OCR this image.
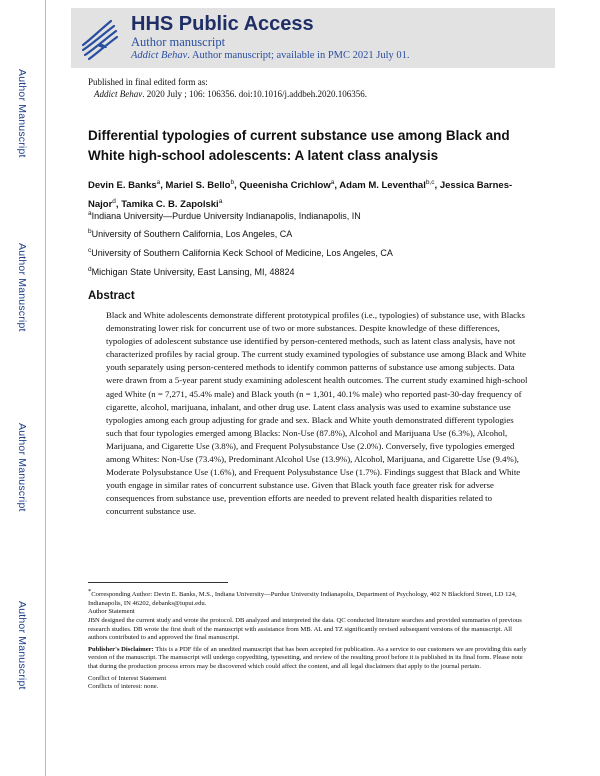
Author Manuscript
Author Manuscript
Author Manuscript
Author Manuscript
HHS Public Access
Author manuscript
Addict Behav. Author manuscript; available in PMC 2021 July 01.
Published in final edited form as:
Addict Behav. 2020 July ; 106: 106356. doi:10.1016/j.addbeh.2020.106356.
Differential typologies of current substance use among Black and White high-school adolescents: A latent class analysis
Devin E. Banks$^a$, Mariel S. Bello$^b$, Queenisha Crichlow$^a$, Adam M. Leventhal$^{b,c}$, Jessica Barnes-Najor$^d$, Tamika C. B. Zapolski$^a$
$^a$Indiana University—Purdue University Indianapolis, Indianapolis, IN
$^b$University of Southern California, Los Angeles, CA
$^c$University of Southern California Keck School of Medicine, Los Angeles, CA
$^d$Michigan State University, East Lansing, MI, 48824
Abstract
Black and White adolescents demonstrate different prototypical profiles (i.e., typologies) of substance use, with Blacks demonstrating lower risk for concurrent use of two or more substances. Despite knowledge of these differences, typologies of adolescent substance use identified by person-centered methods, such as latent class analysis, have not characterized profiles by racial group. The current study examined typologies of substance use among Black and White youth separately using person-centered methods to identify common patterns of substance use among subjects. Data were drawn from a 5-year parent study examining adolescent health outcomes. The current study examined high-school aged White (n = 7,271, 45.4% male) and Black youth (n = 1,301, 40.1% male) who reported past-30-day frequency of cigarette, alcohol, marijuana, inhalant, and other drug use. Latent class analysis was used to examine substance use typologies among each group adjusting for grade and sex. Black and White youth demonstrated different typologies such that four typologies emerged among Blacks: Non-Use (87.8%), Alcohol and Marijuana Use (6.3%), Alcohol, Marijuana, and Cigarette Use (3.8%), and Frequent Polysubstance Use (2.0%). Conversely, five typologies emerged among Whites: Non-Use (73.4%), Predominant Alcohol Use (13.9%), Alcohol, Marijuana, and Cigarette Use (9.4%), Moderate Polysubstance Use (1.6%), and Frequent Polysubstance Use (1.7%). Findings suggest that Black and White youth engage in similar rates of concurrent substance use. Given that Black youth face greater risk for adverse consequences from substance use, prevention efforts are needed to prevent related health disparities related to concurrent substance use.

*Corresponding Author: Devin E. Banks, M.S., Indiana University—Purdue University Indianapolis, Department of Psychology, 402 N Blackford Street, LD 124, Indianapolis, IN 46202, debanks@iupui.edu.

Author Statement

JBN designed the current study and wrote the protocol. DB analyzed and interpreted the data. QC conducted literature searches and provided summaries of previous research studies. DB wrote the first draft of the manuscript with assistance from MB. AL and TZ significantly revised subsequent versions of the manuscript. All authors contributed to and approved the final manuscript.

Publisher's Disclaimer: This is a PDF file of an unedited manuscript that has been accepted for publication. As a service to our customers we are providing this early version of the manuscript. The manuscript will undergo copyediting, typesetting, and review of the resulting proof before it is published in its final form. Please note that during the production process errors may be discovered which could affect the content, and all legal disclaimers that apply to the journal pertain.

Conflict of Interest Statement

Conflicts of interest: none.
